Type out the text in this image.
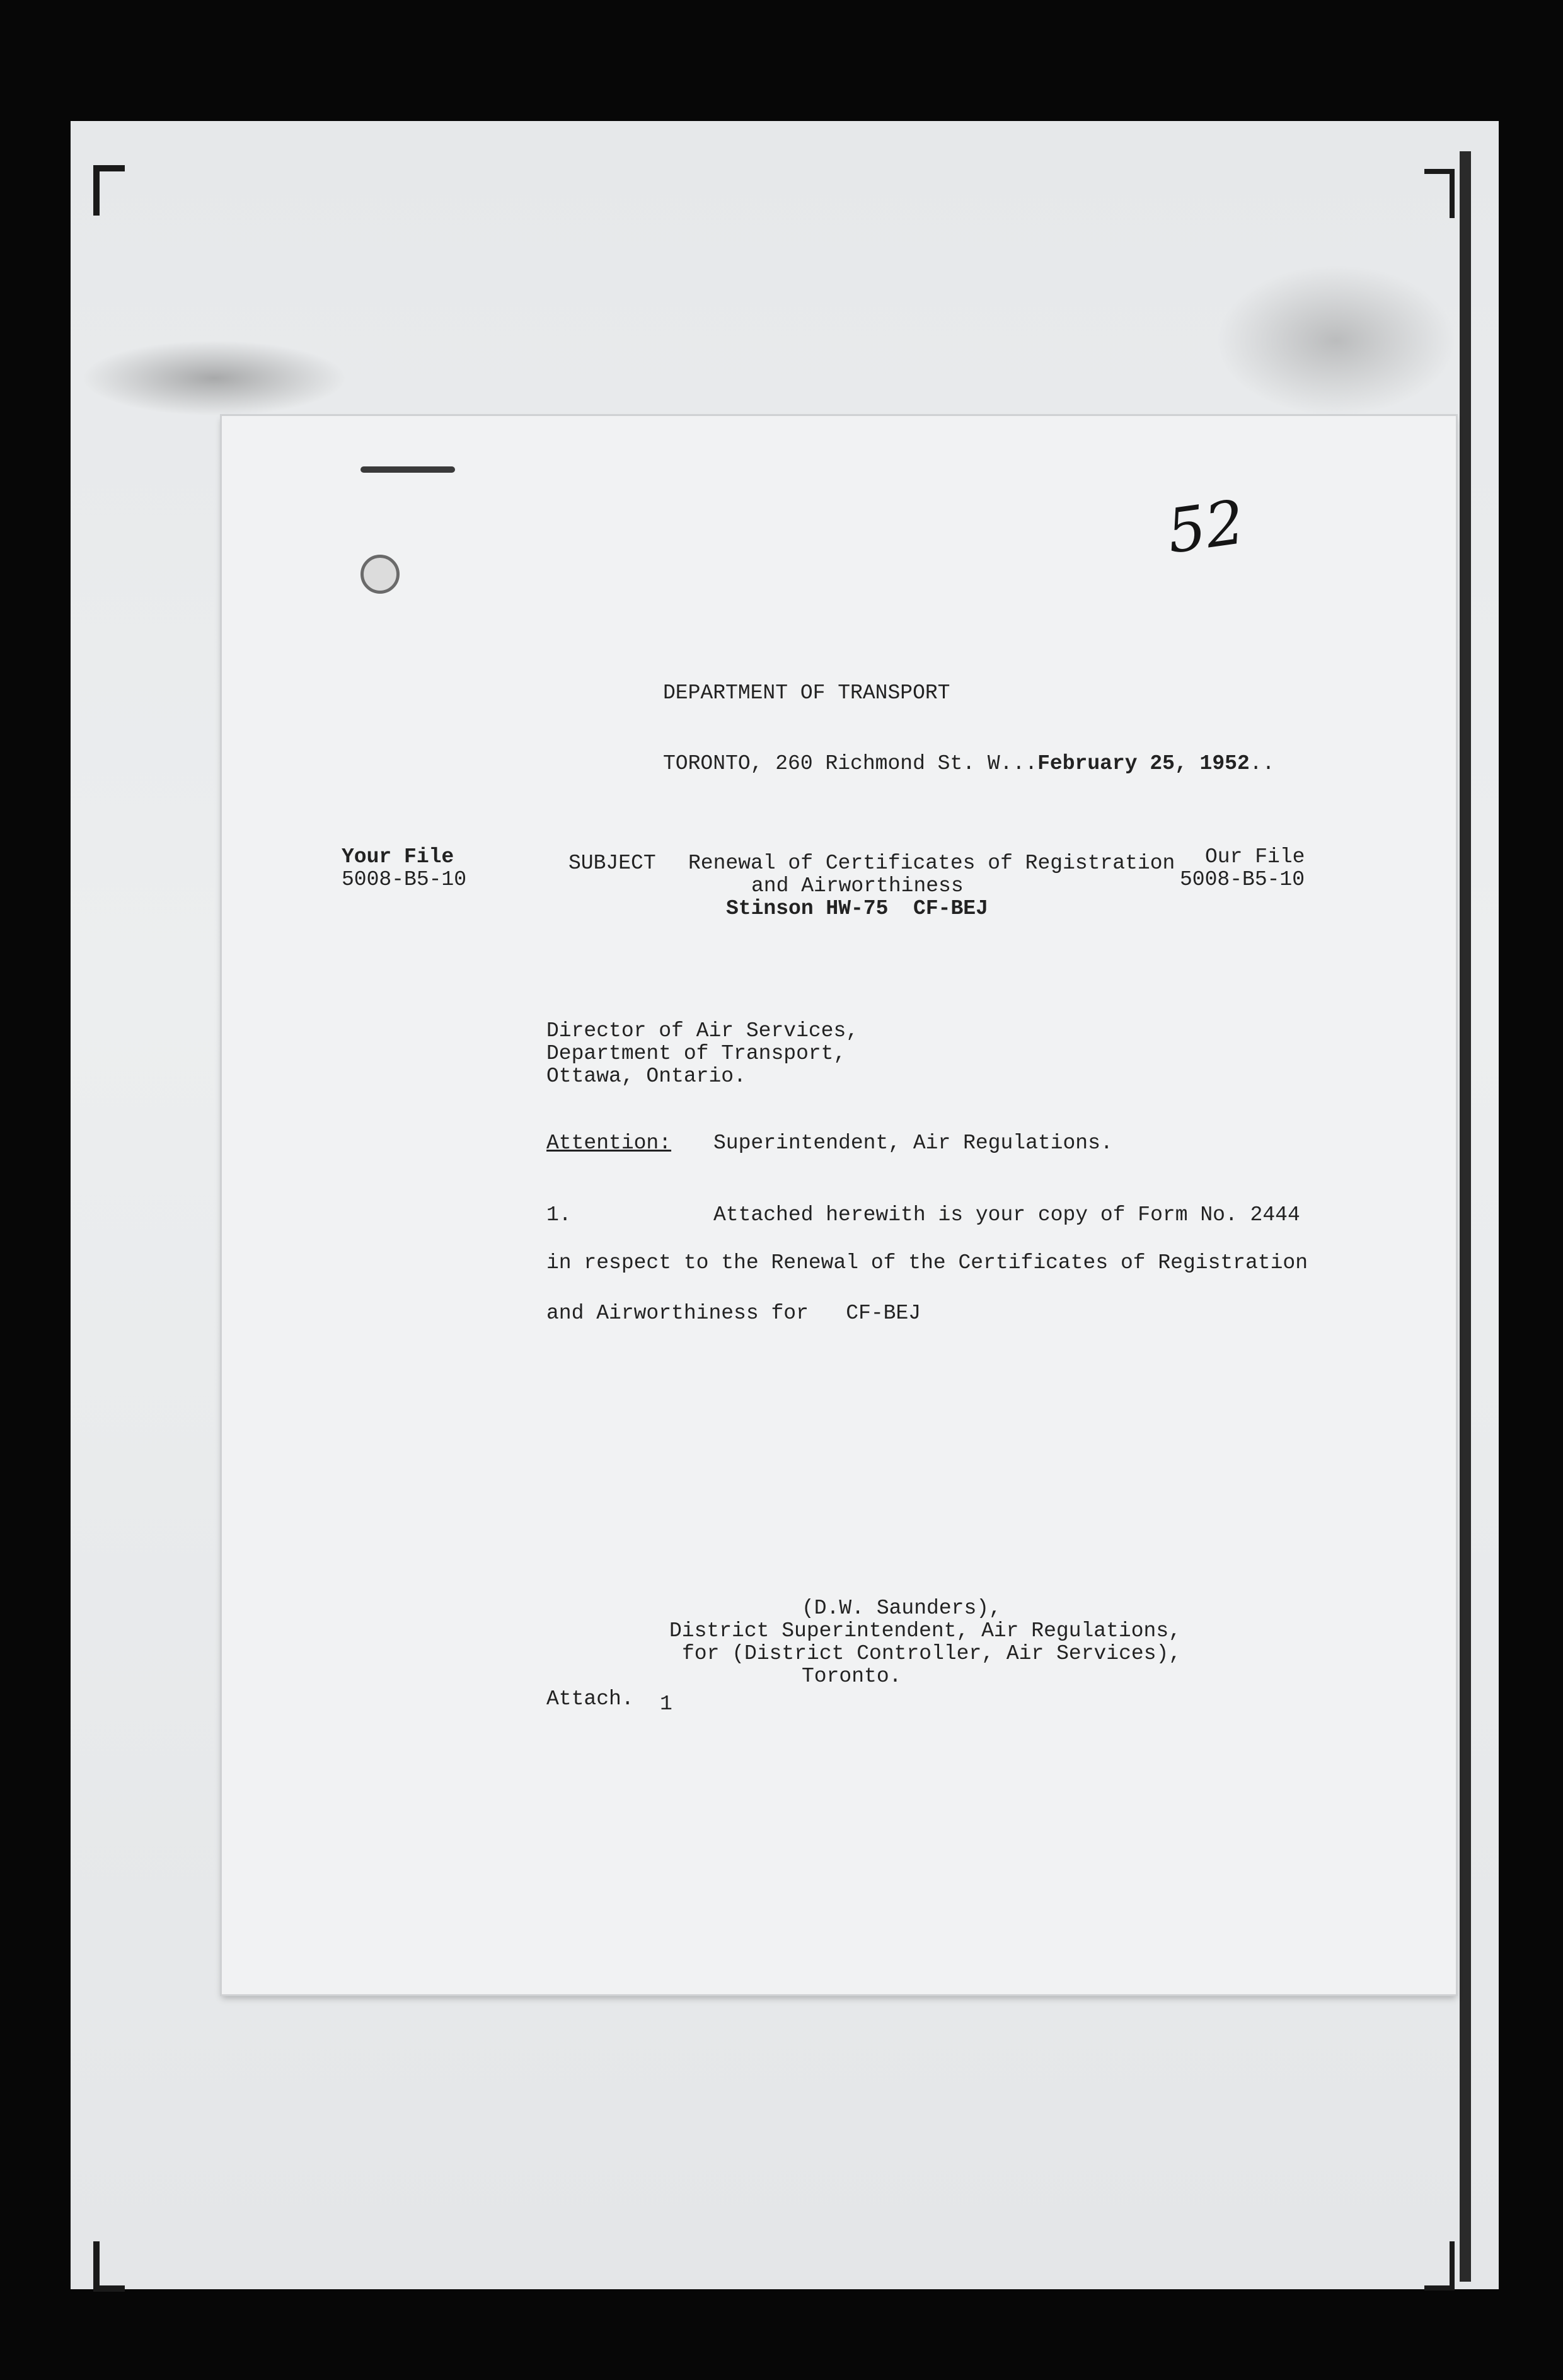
52
DEPARTMENT OF TRANSPORT
TORONTO, 260 Richmond St. W...February 25, 1952..
Your File
5008-B5-10
SUBJECT Renewal of Certificates of Registration
and Airworthiness
Stinson HW-75  CF-BEJ
Our File
5008-B5-10
Director of Air Services,
Department of Transport,
Ottawa, Ontario.
Attention: Superintendent, Air Regulations.
1.	Attached herewith is your copy of Form No. 2444
in respect to the Renewal of the Certificates of Registration
and Airworthiness for   CF-BEJ
(D.W. Saunders),
District Superintendent, Air Regulations,
for (District Controller, Air Services),
Toronto.
Attach. 1
